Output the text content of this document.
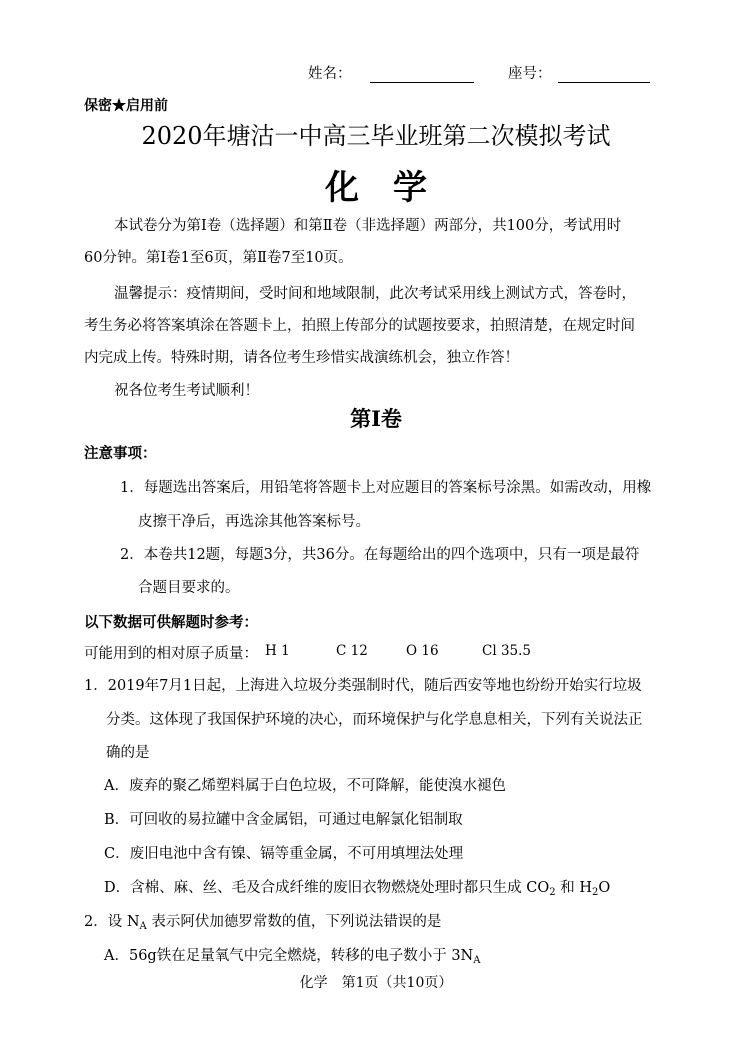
姓名：	座号：
保密★启用前
2020年塘沽一中高三毕业班第二次模拟考试
化　学
本试卷分为第Ⅰ卷（选择题）和第Ⅱ卷（非选择题）两部分，共100分，考试用时
60分钟。第Ⅰ卷1至6页，第Ⅱ卷7至10页。
温馨提示：疫情期间，受时间和地域限制，此次考试采用线上测试方式，答卷时，
考生务必将答案填涂在答题卡上，拍照上传部分的试题按要求，拍照清楚，在规定时间
内完成上传。特殊时期，请各位考生珍惜实战演练机会，独立作答！
祝各位考生考试顺利！
第Ⅰ卷
注意事项：
1．每题选出答案后，用铅笔将答题卡上对应题目的答案标号涂黑。如需改动，用橡
皮擦干净后，再选涂其他答案标号。
2．本卷共12题，每题3分，共36分。在每题给出的四个选项中，只有一项是最符
合题目要求的。
以下数据可供解题时参考：
可能用到的相对原子质量： H 1	C 12	O 16	Cl 35.5
1．2019年7月1日起，上海进入垃圾分类强制时代，随后西安等地也纷纷开始实行垃圾
分类。这体现了我国保护环境的决心，而环境保护与化学息息相关，下列有关说法正
确的是
A．废弃的聚乙烯塑料属于白色垃圾，不可降解，能使溴水褪色
B．可回收的易拉罐中含金属铝，可通过电解氯化铝制取
C．废旧电池中含有镍、镉等重金属，不可用填埋法处理
D．含棉、麻、丝、毛及合成纤维的废旧衣物燃烧处理时都只生成 $CO_2$ 和 $H_2O$
2．设 $N_A$ 表示阿伏加德罗常数的值，下列说法错误的是
A．56g铁在足量氧气中完全燃烧，转移的电子数小于 $3N_A$
化学　第1页（共10页）
